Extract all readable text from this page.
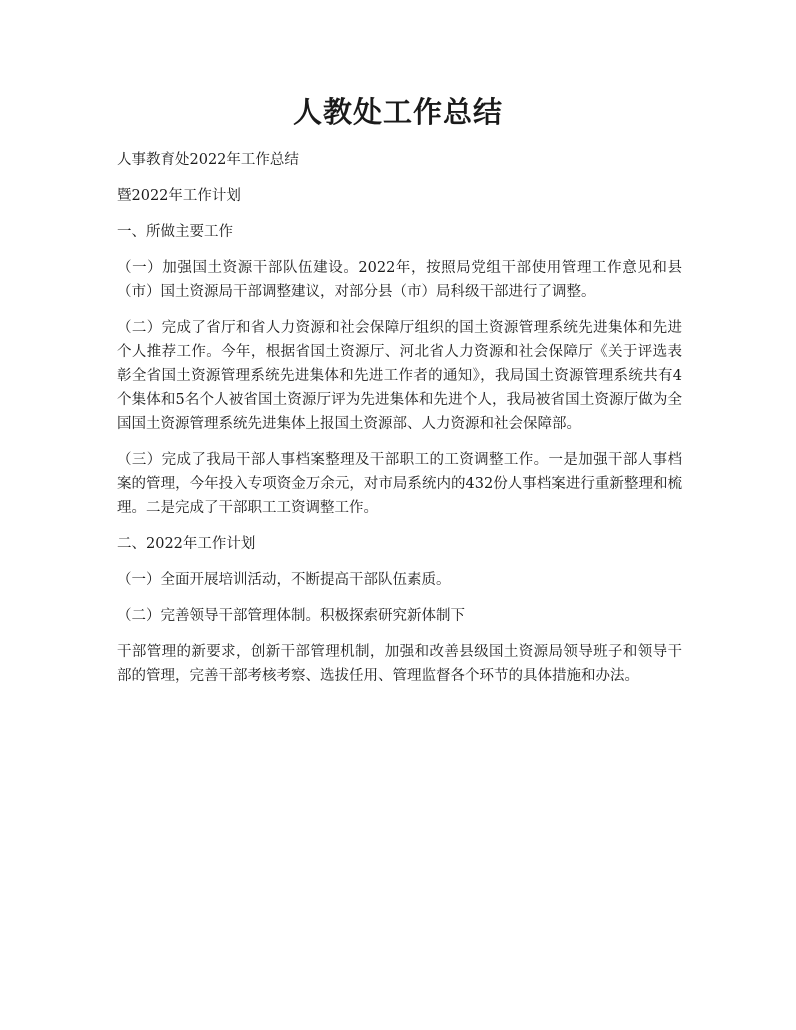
人教处工作总结

人事教育处2022年工作总结

暨2022年工作计划

一、所做主要工作

（一）加强国土资源干部队伍建设。2022年，按照局党组干部使用管理工作意见和县（市）国土资源局干部调整建议，对部分县（市）局科级干部进行了调整。

（二）完成了省厅和省人力资源和社会保障厅组织的国土资源管理系统先进集体和先进个人推荐工作。今年，根据省国土资源厅、河北省人力资源和社会保障厅《关于评选表彰全省国土资源管理系统先进集体和先进工作者的通知》，我局国土资源管理系统共有4个集体和5名个人被省国土资源厅评为先进集体和先进个人，我局被省国土资源厅做为全国国土资源管理系统先进集体上报国土资源部、人力资源和社会保障部。

（三）完成了我局干部人事档案整理及干部职工的工资调整工作。一是加强干部人事档案的管理，今年投入专项资金万余元，对市局系统内的432份人事档案进行重新整理和梳理。二是完成了干部职工工资调整工作。

二、2022年工作计划

（一）全面开展培训活动，不断提高干部队伍素质。

（二）完善领导干部管理体制。积极探索研究新体制下

干部管理的新要求，创新干部管理机制，加强和改善县级国土资源局领导班子和领导干部的管理，完善干部考核考察、选拔任用、管理监督各个环节的具体措施和办法。
